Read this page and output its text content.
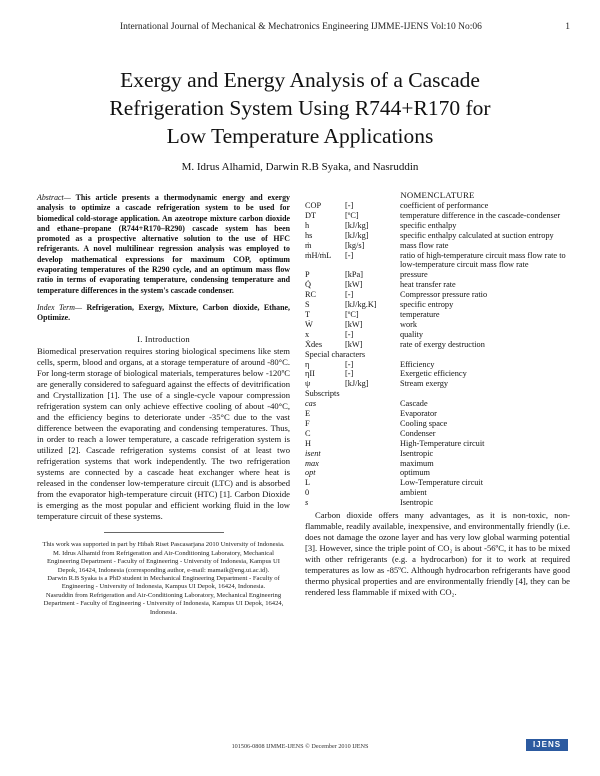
International Journal of Mechanical & Mechatronics Engineering IJMME-IJENS Vol:10 No:06	1
Exergy and Energy Analysis of a Cascade
Refrigeration System Using R744+R170 for
Low Temperature Applications
M. Idrus Alhamid, Darwin R.B Syaka, and Nasruddin
Abstract— This article presents a thermodynamic energy and exergy analysis to optimize a cascade refrigeration system to be used for biomedical cold-storage application. An azeotrope mixture carbon dioxide and ethane–propane (R744+R170–R290) cascade system has been promoted as a prospective alternative solution to the use of HFC refrigerants. A novel multilinear regression analysis was employed to develop mathematical expressions for maximum COP, optimum evaporating temperatures of the R290 cycle, and an optimum mass flow ratio in terms of evaporating temperature, condensing temperature and temperature differences in the system's cascade condenser.
Index Term— Refrigeration, Exergy, Mixture, Carbon dioxide, Ethane, Optimize.
I. Introduction
Biomedical preservation requires storing biological specimens like stem cells, sperm, blood and organs, at a storage temperature of around -80°C. For long-term storage of biological materials, temperatures below -120ºC are generally considered to safeguard against the effects of devitrification and Crystallization [1]. The use of a single-cycle vapour compression refrigeration system can only achieve effective cooling of about -40°C, and the efficiency begins to deteriorate under -35°C due to the vast difference between the evaporating and condensing temperatures. Thus, in order to reach a lower temperature, a cascade refrigeration system is utilized [2]. Cascade refrigeration systems consist of at least two refrigeration systems that work independently. The two refrigeration systems are connected by a cascade heat exchanger where heat is released in the condenser low-temperature circuit (LTC) and is absorbed from the evaporator high-temperature circuit (HTC) [1]. Carbon Dioxide is emerging as the most popular and efficient working fluid in the low temperature circuit of these systems.

This work was supported in part by Hibah Riset Pascasarjana 2010 University of Indonesia.

M. Idrus Alhamid from Refrigeration and Air-Conditioning Laboratory, Mechanical Engineering Department - Faculty of Engineering - University of Indonesia, Kampus UI Depok, 16424, Indonesia (corresponding author, e-mail: mamaik@eng.ui.ac.id).

Darwin R.B Syaka is a PhD student in Mechanical Engineering Department - Faculty of Engineering - University of Indonesia, Kampus UI Depok, 16424, Indonesia.

Nasruddin from Refrigeration and Air-Conditioning Laboratory, Mechanical Engineering Department - Faculty of Engineering - University of Indonesia, Kampus UI Depok, 16424, Indonesia.

NOMENCLATURE
COP	[-]	coefficient of performance
DT	[ºC]	temperature difference in the cascade-condenser
h	[kJ/kg]	specific enthalpy
hs	[kJ/kg]	specific enthalpy calculated at suction entropy
ṁ	[kg/s]	mass flow rate
ṁH/ṁL	[-]	ratio of high-temperature circuit mass flow rate to low-temperature circuit mass flow rate
P	[kPa]	pressure
Q̇	[kW]	heat transfer rate
RC	[-]	Compressor pressure ratio
S	[kJ/kg.K]	specific entropy
T	[ºC]	temperature
Ẇ	[kW]	work
x	[-]	quality
Ẋdes	[kW]	rate of exergy destruction
Special characters
η	[-]	Efficiency
ηII	[-]	Exergetic efficiency
ψ	[kJ/kg]	Stream exergy
Subscripts
cas	Cascade
E	Evaporator
F	Cooling space
C	Condenser
H	High-Temperature circuit
isent	Isentropic
max	maximum
opt	optimum
L	Low-Temperature circuit
0	ambient
s	Isentropic
Carbon dioxide offers many advantages, as it is non-toxic, non-flammable, readily available, inexpensive, and environmentally friendly (i.e. does not damage the ozone layer and has very low global warming potential [3]. However, since the triple point of CO₂ is about -56ºC, it has to be mixed with other refrigerants (e.g. a hydrocarbon) for it to work at required temperatures as low as -85ºC. Although hydrocarbon refrigerants have good thermo physical properties and are environmentally friendly [4], they can be rendered less flammable if mixed with CO₂.
101506-0808 IJMME-IJENS © December 2010 IJENS	IJENS
